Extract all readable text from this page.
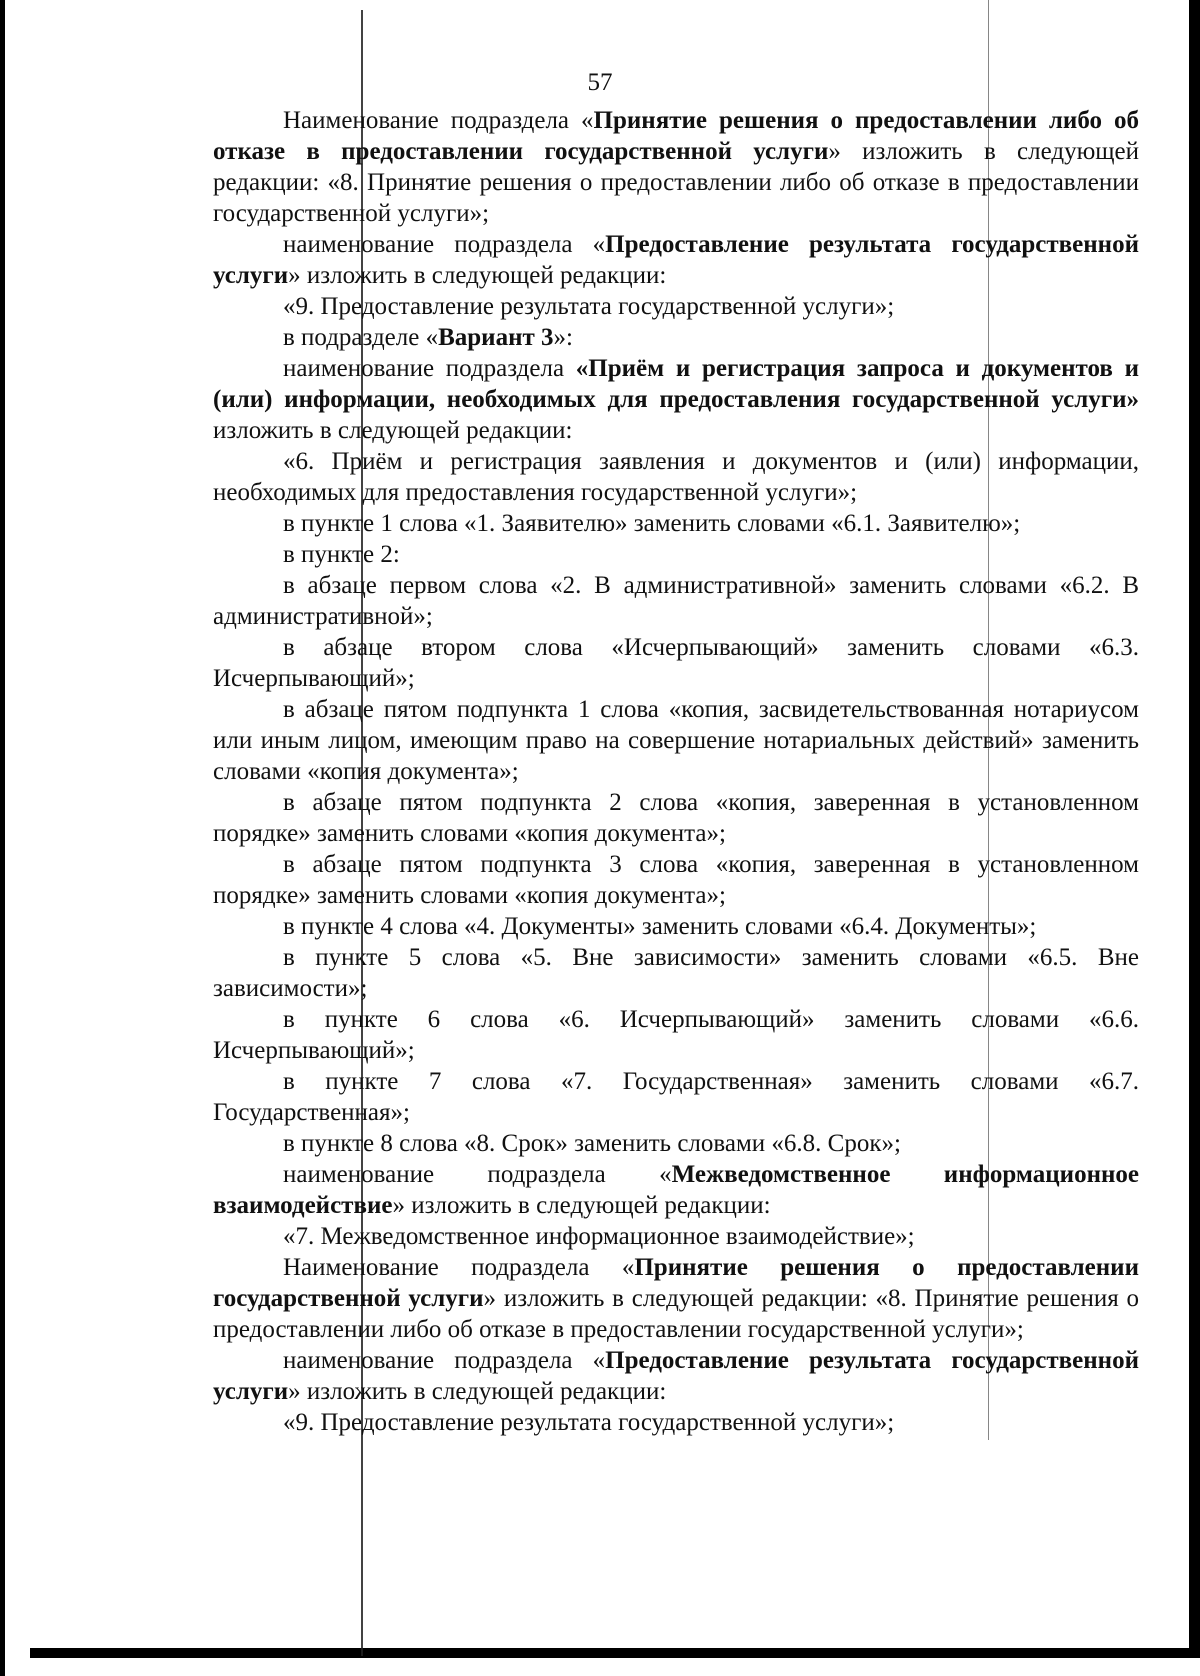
57

Наименование подраздела «Принятие решения о предоставлении либо об отказе в предоставлении государственной услуги» изложить в следующей редакции: «8. Принятие решения о предоставлении либо об отказе в предоставлении государственной услуги»;

наименование подраздела «Предоставление результата государственной услуги» изложить в следующей редакции:

«9. Предоставление результата государственной услуги»;

в подразделе «Вариант 3»:

наименование подраздела «Приём и регистрация запроса и документов и (или) информации, необходимых для предоставления государственной услуги» изложить в следующей редакции:

«6. Приём и регистрация заявления и документов и (или) информации, необходимых для предоставления государственной услуги»;

в пункте 1 слова «1. Заявителю» заменить словами «6.1. Заявителю»;

в пункте 2:

в абзаце первом слова «2. В административной» заменить словами «6.2. В административной»;

в абзаце втором слова «Исчерпывающий» заменить словами «6.3. Исчерпывающий»;

в абзаце пятом подпункта 1 слова «копия, засвидетельствованная нотариусом или иным лицом, имеющим право на совершение нотариальных действий» заменить словами «копия документа»;

в абзаце пятом подпункта 2 слова «копия, заверенная в установленном порядке» заменить словами «копия документа»;

в абзаце пятом подпункта 3 слова «копия, заверенная в установленном порядке» заменить словами «копия документа»;

в пункте 4 слова «4. Документы» заменить словами «6.4. Документы»;

в пункте 5 слова «5. Вне зависимости» заменить словами «6.5. Вне зависимости»;

в пункте 6 слова «6. Исчерпывающий» заменить словами «6.6. Исчерпывающий»;

в пункте 7 слова «7. Государственная» заменить словами «6.7. Государственная»;

в пункте 8 слова «8. Срок» заменить словами «6.8. Срок»;

наименование подраздела «Межведомственное информационное взаимодействие» изложить в следующей редакции:

«7. Межведомственное информационное взаимодействие»;

Наименование подраздела «Принятие решения о предоставлении государственной услуги» изложить в следующей редакции: «8. Принятие решения о предоставлении либо об отказе в предоставлении государственной услуги»;

наименование подраздела «Предоставление результата государственной услуги» изложить в следующей редакции:

«9. Предоставление результата государственной услуги»;
